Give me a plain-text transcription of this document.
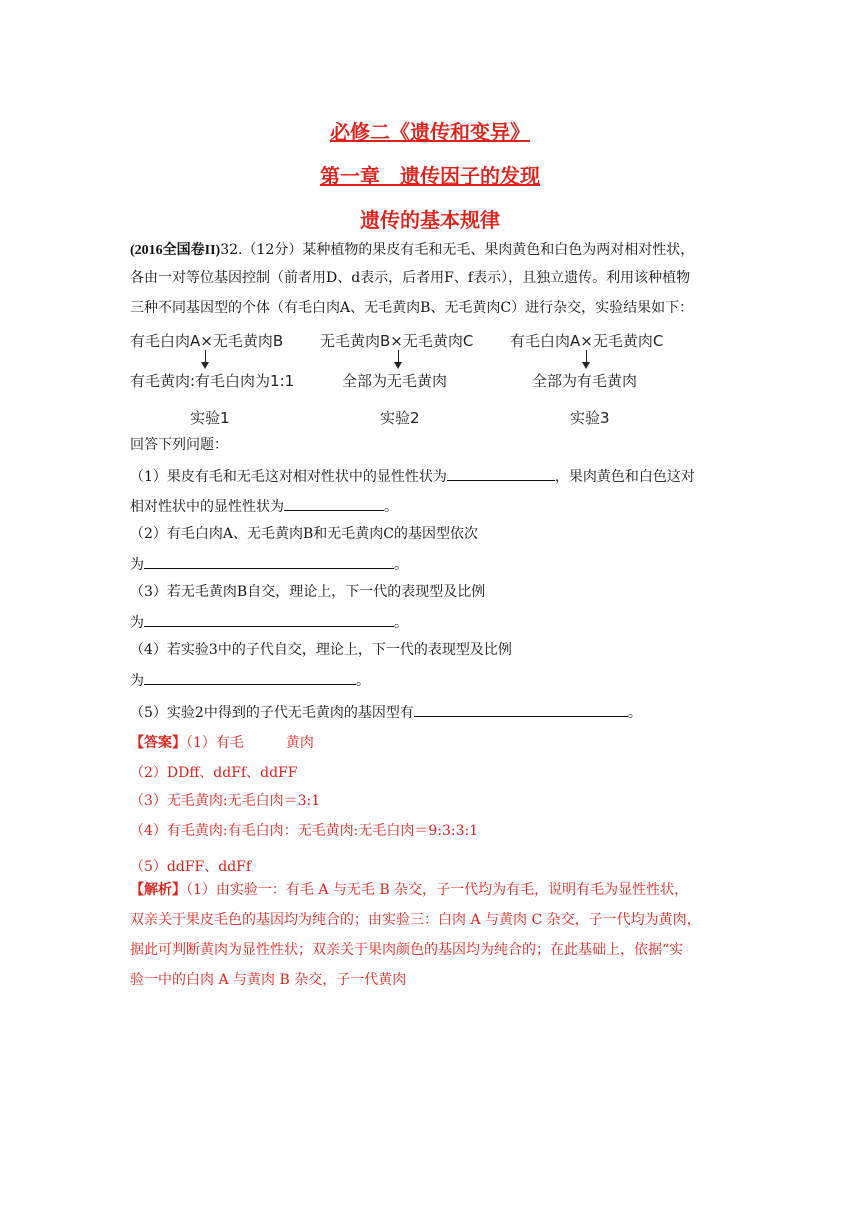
必修二《遗传和变异》
第一章　遗传因子的发现
遗传的基本规律
(2016全国卷II)32.（12分）某种植物的果皮有毛和无毛、果肉黄色和白色为两对相对性状，
各由一对等位基因控制（前者用D、d表示，后者用F、f表示），且独立遗传。利用该种植物
三种不同基因型的个体（有毛白肉A、无毛黄肉B、无毛黄肉C）进行杂交，实验结果如下：
有毛白肉A×无毛黄肉B
有毛黄肉:有毛白肉为1:1
实验1
无毛黄肉B×无毛黄肉C
全部为无毛黄肉
实验2
有毛白肉A×无毛黄肉C
全部为有毛黄肉
实验3
回答下列问题：
（1）果皮有毛和无毛这对相对性状中的显性性状为	，果肉黄色和白色这对
相对性状中的显性性状为	。
（2）有毛白肉A、无毛黄肉B和无毛黄肉C的基因型依次
为	。
（3）若无毛黄肉B自交，理论上，下一代的表现型及比例
为	。
（4）若实验3中的子代自交，理论上，下一代的表现型及比例
为	。
（5）实验2中得到的子代无毛黄肉的基因型有	。
【答案】（1）有毛　　　黄肉
（2）DDff、ddFf、ddFF
（3）无毛黄肉:无毛白肉＝3:1
（4）有毛黄肉:有毛白肉：无毛黄肉:无毛白肉＝9:3:3:1
（5）ddFF、ddFf
【解析】（1）由实验一：有毛 A 与无毛 B 杂交，子一代均为有毛，说明有毛为显性性状，
双亲关于果皮毛色的基因均为纯合的；由实验三：白肉 A 与黄肉 C 杂交，子一代均为黄肉，
据此可判断黄肉为显性性状；双亲关于果肉颜色的基因均为纯合的；在此基础上，依据“实
验一中的白肉 A 与黄肉 B 杂交，子一代黄肉
